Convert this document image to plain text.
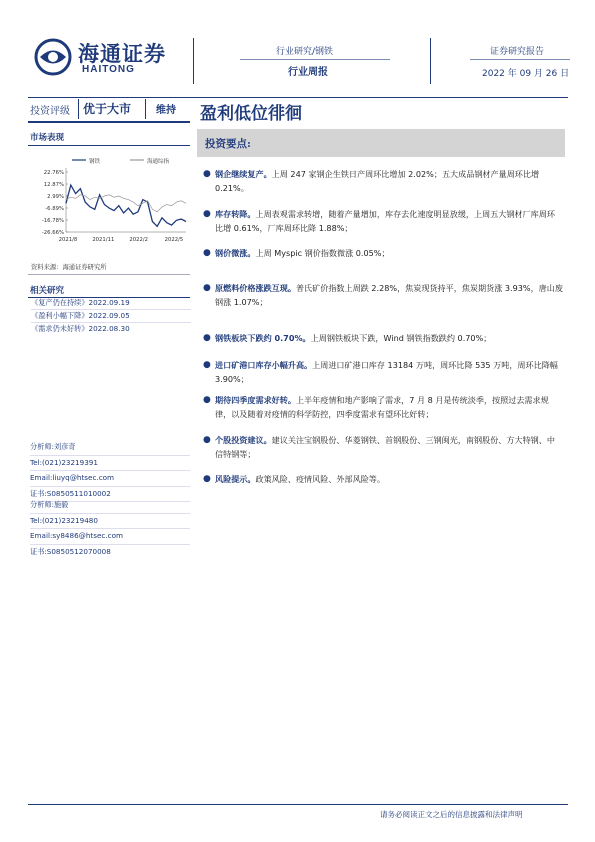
海通证券
HAITONG
行业研究/钢铁
行业周报
证券研究报告
2022 年 09 月 26 日
投资评级 优于大市 维持 盈利低位徘徊
市场表现
钢铁	海通综指
22.76%
12.87%
2.99%
-6.89%
-16.78%
-26.66%
2021/8	2021/11	2022/2	2022/5
资料来源：海通证券研究所
相关研究
《复产仍在持续》2022.09.19
《盈利小幅下降》2022.09.05
《需求仍未好转》2022.08.30
分析师:刘彦奇
Tel:(021)23219391
Email:liuyq@htsec.com
证书:S0850511010002
分析师:施毅
Tel:(021)23219480
Email:sy8486@htsec.com
证书:S0850512070008
投资要点:
● 钢企继续复产。上周 247 家钢企生铁日产周环比增加 2.02%；五大成品钢材产量周环比增 0.21%。
● 库存转降。上周表观需求转增，随着产量增加，库存去化速度明显放缓，上周五大钢材厂库周环比增 0.61%，厂库周环比降 1.88%；
● 钢价微涨。上周 Myspic 钢价指数微涨 0.05%；
● 原燃料价格涨跌互现。普氏矿价指数上周跌 2.28%，焦炭现货持平，焦炭期货涨 3.93%，唐山废钢涨 1.07%；
● 钢铁板块下跌约 0.70%。上周钢铁板块下跌，Wind 钢铁指数跌约 0.70%；
● 进口矿港口库存小幅升高。上周进口矿港口库存 13184 万吨，周环比降 535 万吨，周环比降幅 3.90%；
● 期待四季度需求好转。上半年疫情和地产影响了需求，7 月 8 月是传统淡季，按照过去需求规律，以及随着对疫情的科学防控，四季度需求有望环比好转；
● 个股投资建议。建议关注宝钢股份、华菱钢铁、首钢股份、三钢闽光，南钢股份、方大特钢、中信特钢等；
● 风险提示。政策风险、疫情风险、外部风险等。
请务必阅读正文之后的信息披露和法律声明
